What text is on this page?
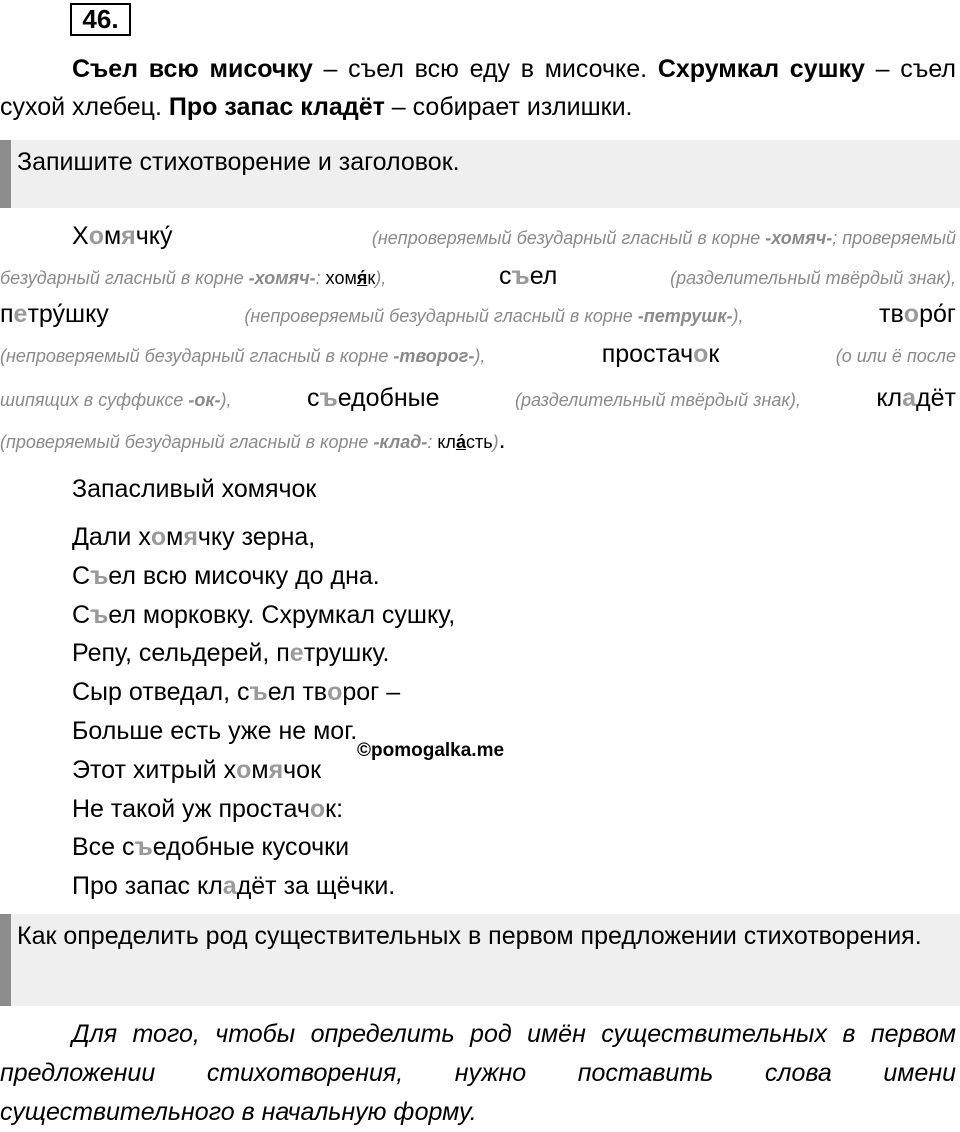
46.
Съел всю мисочку – съел всю еду в мисочке. Схрумкал сушку – съел сухой хлебец. Про запас кладёт – собирает излишки.
Запишите стихотворение и заголовок.
Хомячку́	(непроверяемый безударный гласный в корне -хомяч-; проверяемый
безударный гласный в корне -хомяч-: хомя́к),	съел	(разделительный твёрдый знак),
петру́шку	(непроверяемый безударный гласный в корне -петрушк-),	творо́г
(непроверяемый безударный гласный в корне -творог-),	простачок	(о или ё после
шипящих в суффиксе -ок-),	съедобные	(разделительный твёрдый знак),	кладёт
(проверяемый безударный гласный в корне -клад-: кла́сть) .
Запасливый хомячок
Дали хомячку зерна,
Съел всю мисочку до дна.
Съел морковку. Схрумкал сушку,
Репу, сельдерей, петрушку.
Сыр отведал, съел творог –
Больше есть уже не мог.
Этот хитрый хомячок
Не такой уж простачок:
Все съедобные кусочки
Про запас кладёт за щёчки.
©pomogalka.me
Как определить род существительных в первом предложении стихотворения.
Для того, чтобы определить род имён существительных в первом предложении стихотворения, нужно поставить слова имени существительного в начальную форму.
